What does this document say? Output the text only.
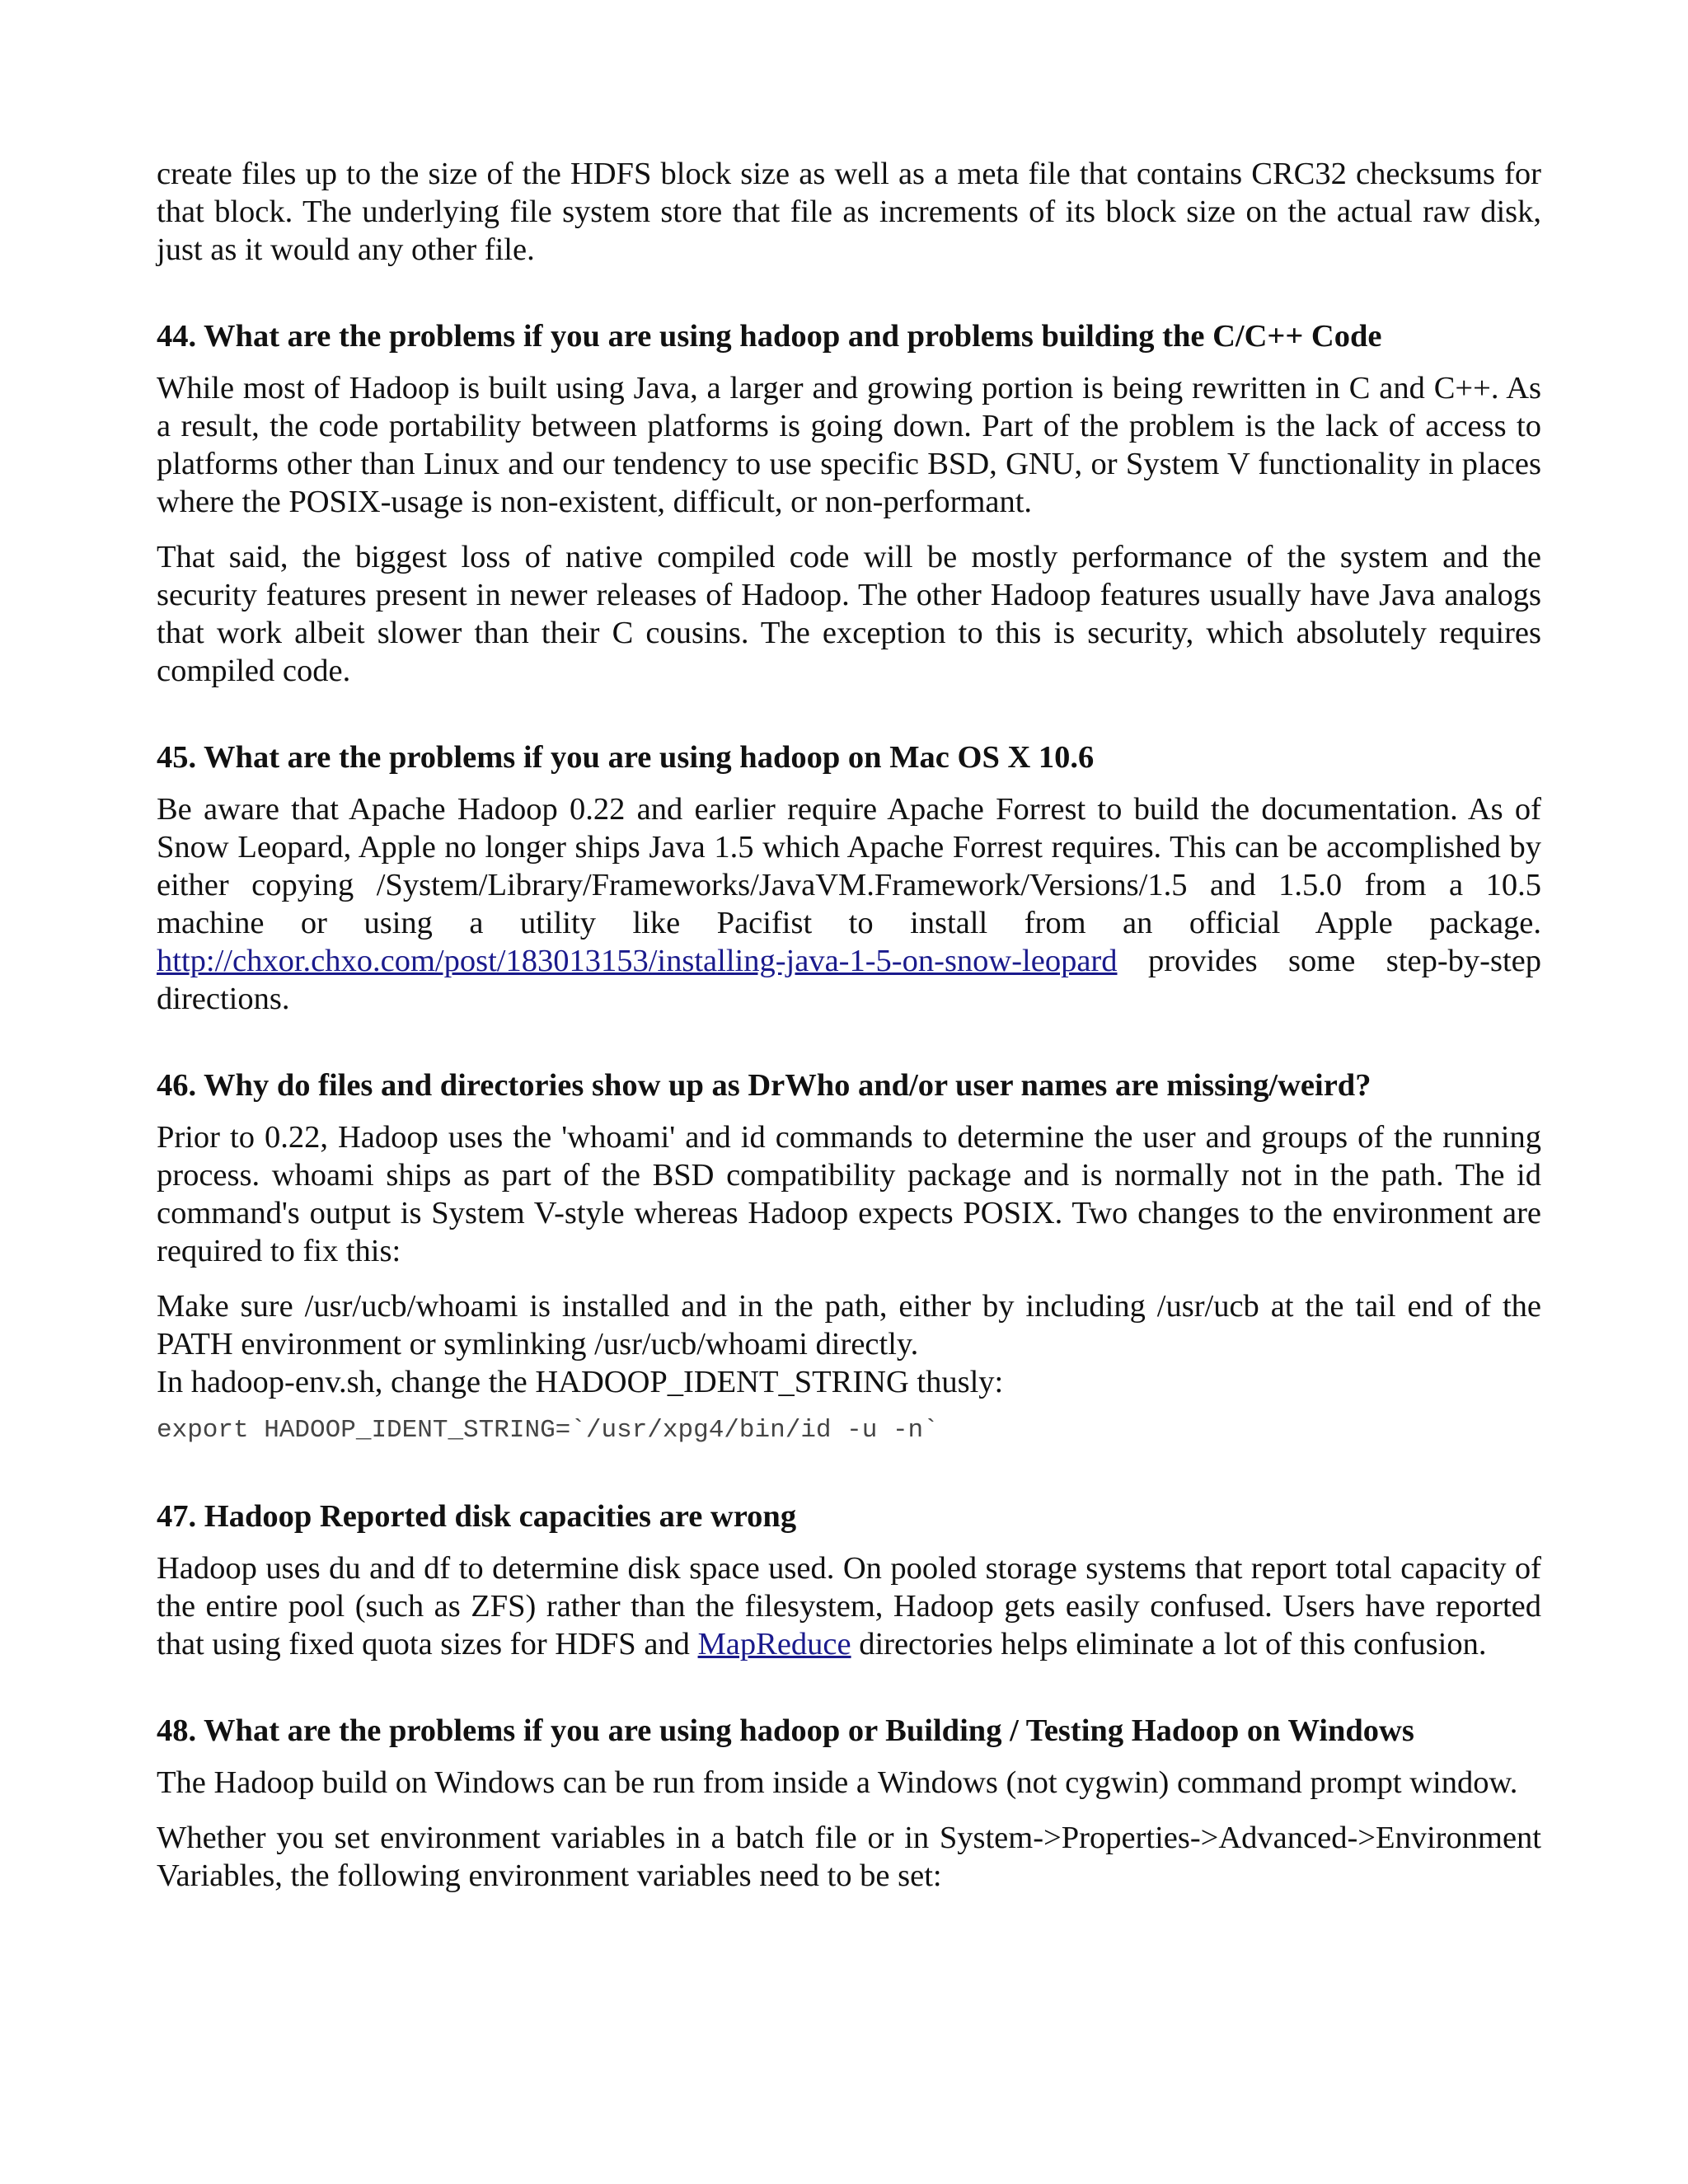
create files up to the size of the HDFS block size as well as a meta file that contains CRC32 checksums for that block. The underlying file system store that file as increments of its block size on the actual raw disk, just as it would any other file.

44. What are the problems if you are using hadoop and problems building the C/C++ Code

While most of Hadoop is built using Java, a larger and growing portion is being rewritten in C and C++. As a result, the code portability between platforms is going down. Part of the problem is the lack of access to platforms other than Linux and our tendency to use specific BSD, GNU, or System V functionality in places where the POSIX-usage is non-existent, difficult, or non-performant.

That said, the biggest loss of native compiled code will be mostly performance of the system and the security features present in newer releases of Hadoop. The other Hadoop features usually have Java analogs that work albeit slower than their C cousins. The exception to this is security, which absolutely requires compiled code.

45. What are the problems if you are using hadoop on Mac OS X 10.6

Be aware that Apache Hadoop 0.22 and earlier require Apache Forrest to build the documentation. As of Snow Leopard, Apple no longer ships Java 1.5 which Apache Forrest requires. This can be accomplished by either copying /System/Library/Frameworks/JavaVM.Framework/Versions/1.5 and 1.5.0 from a 10.5 machine or using a utility like Pacifist to install from an official Apple package. http://chxor.chxo.com/post/183013153/installing-java-1-5-on-snow-leopard provides some step-by-step directions.

46. Why do files and directories show up as DrWho and/or user names are missing/weird?

Prior to 0.22, Hadoop uses the 'whoami' and id commands to determine the user and groups of the running process. whoami ships as part of the BSD compatibility package and is normally not in the path. The id command's output is System V-style whereas Hadoop expects POSIX. Two changes to the environment are required to fix this:

Make sure /usr/ucb/whoami is installed and in the path, either by including /usr/ucb at the tail end of the PATH environment or symlinking /usr/ucb/whoami directly.

In hadoop-env.sh, change the HADOOP_IDENT_STRING thusly:

export HADOOP_IDENT_STRING=`/usr/xpg4/bin/id -u -n`
47. Hadoop Reported disk capacities are wrong

Hadoop uses du and df to determine disk space used. On pooled storage systems that report total capacity of the entire pool (such as ZFS) rather than the filesystem, Hadoop gets easily confused. Users have reported that using fixed quota sizes for HDFS and MapReduce directories helps eliminate a lot of this confusion.

48. What are the problems if you are using hadoop or Building / Testing Hadoop on Windows

The Hadoop build on Windows can be run from inside a Windows (not cygwin) command prompt window.

Whether you set environment variables in a batch file or in System->Properties->Advanced->Environment Variables, the following environment variables need to be set:
